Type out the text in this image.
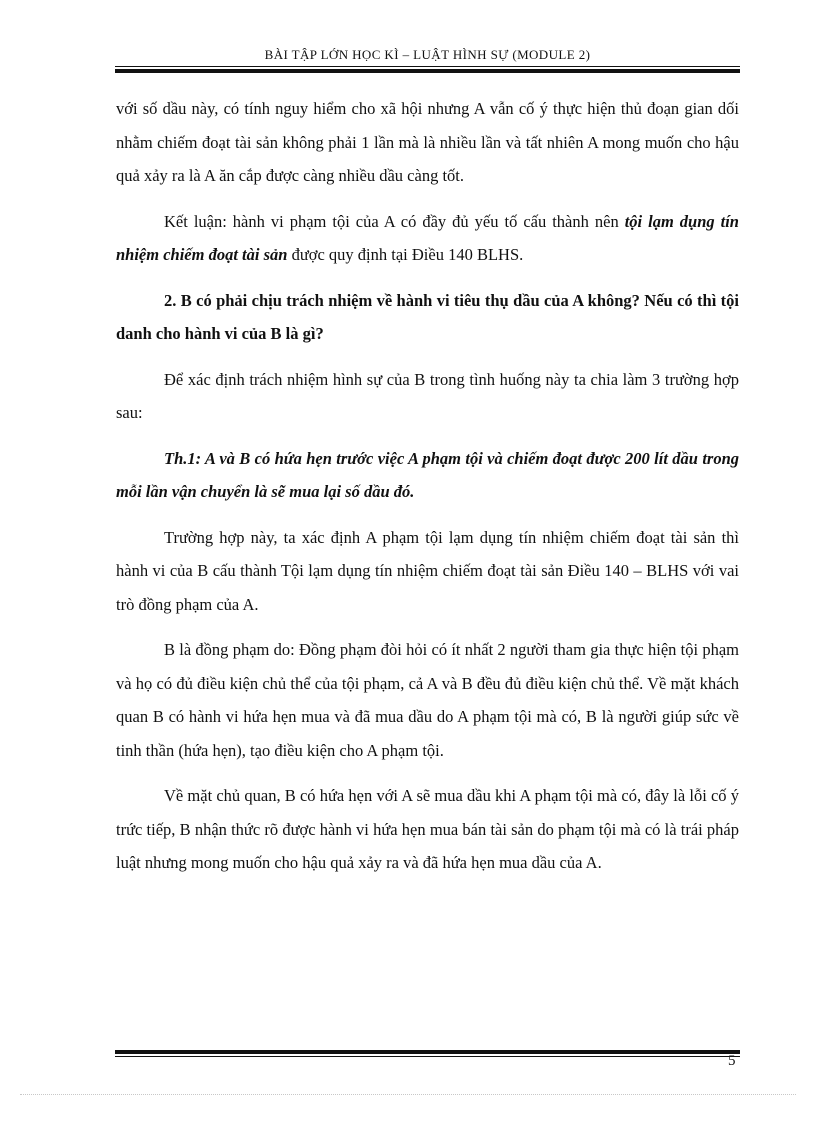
BÀI TẬP LỚN HỌC KÌ – LUẬT HÌNH SỰ (MODULE 2)

với số dầu này, có tính nguy hiểm cho xã hội nhưng A vẫn cố ý thực hiện thủ đoạn gian dối nhằm chiếm đoạt tài sản không phải 1 lần mà là nhiều lần và tất nhiên A mong muốn cho hậu quả xảy ra là A ăn cắp được càng nhiều dầu càng tốt.

Kết luận: hành vi phạm tội của A có đầy đủ yếu tố cấu thành nên tội lạm dụng tín nhiệm chiếm đoạt tài sản được quy định tại Điều 140 BLHS.

2. B có phải chịu trách nhiệm về hành vi tiêu thụ dầu của A không? Nếu có thì tội danh cho hành vi của B là gì?

Để xác định trách nhiệm hình sự của B trong tình huống này ta chia làm 3 trường hợp sau:

Th.1: A và B có hứa hẹn trước việc A phạm tội và chiếm đoạt được 200 lít dầu trong mỗi lần vận chuyển là sẽ mua lại số dầu đó.

Trường hợp này, ta xác định A phạm tội lạm dụng tín nhiệm chiếm đoạt tài sản thì hành vi của B cấu thành Tội lạm dụng tín nhiệm chiếm đoạt tài sản Điều 140 – BLHS với vai trò đồng phạm của A.

B là đồng phạm do: Đồng phạm đòi hỏi có ít nhất 2 người tham gia thực hiện tội phạm và họ có đủ điều kiện chủ thể của tội phạm, cả A và B đều đủ điều kiện chủ thể. Về mặt khách quan B có hành vi hứa hẹn mua và đã mua dầu do A phạm tội mà có, B là người giúp sức về tinh thần (hứa hẹn), tạo điều kiện cho A phạm tội.

Về mặt chủ quan, B có hứa hẹn với A sẽ mua dầu khi A phạm tội mà có, đây là lỗi cố ý trức tiếp, B nhận thức rõ được hành vi hứa hẹn mua bán tài sản do phạm tội mà có là trái pháp luật nhưng mong muốn cho hậu quả xảy ra và đã hứa hẹn mua dầu của A.

5
